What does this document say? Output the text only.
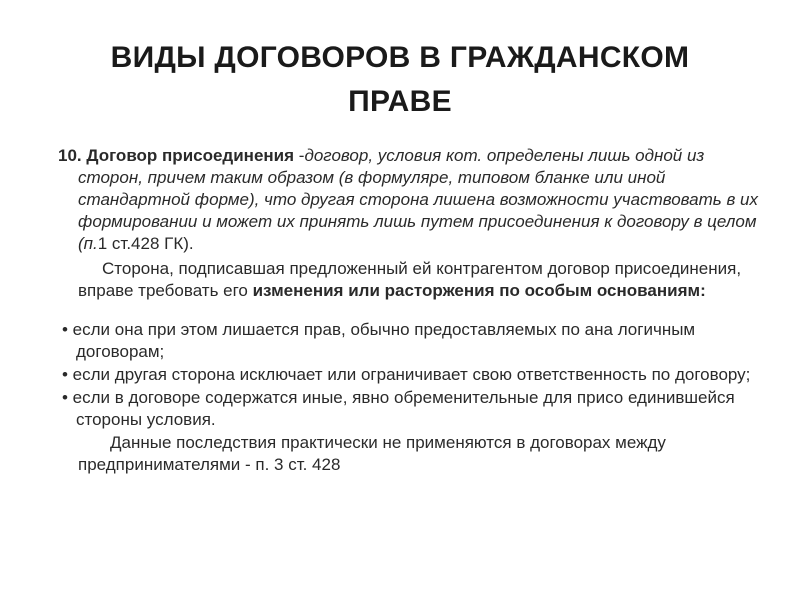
ВИДЫ ДОГОВОРОВ В ГРАЖДАНСКОМ
ПРАВЕ

10. Договор присоединения -договор, условия кот. определены лишь одной из сторон, причем таким образом (в формуляре, типовом бланке или иной стандартной форме), что другая сторона лишена возможности участвовать в их формировании и может их принять лишь путем присоединения к договору в целом (п.1 ст.428 ГК).

Сторона, подписавшая предложенный ей контрагентом договор присоединения, вправе требовать его изменения или расторжения по особым основаниям:

• если она при этом лишается прав, обычно предоставляемых по ана логичным договорам;

• если другая сторона исключает или ограничивает свою ответственность по договору;

• если в договоре содержатся иные, явно обременительные для присо единившейся стороны условия.

Данные последствия практически не применяются в договорах между предпринимателями - п. 3 ст. 428
